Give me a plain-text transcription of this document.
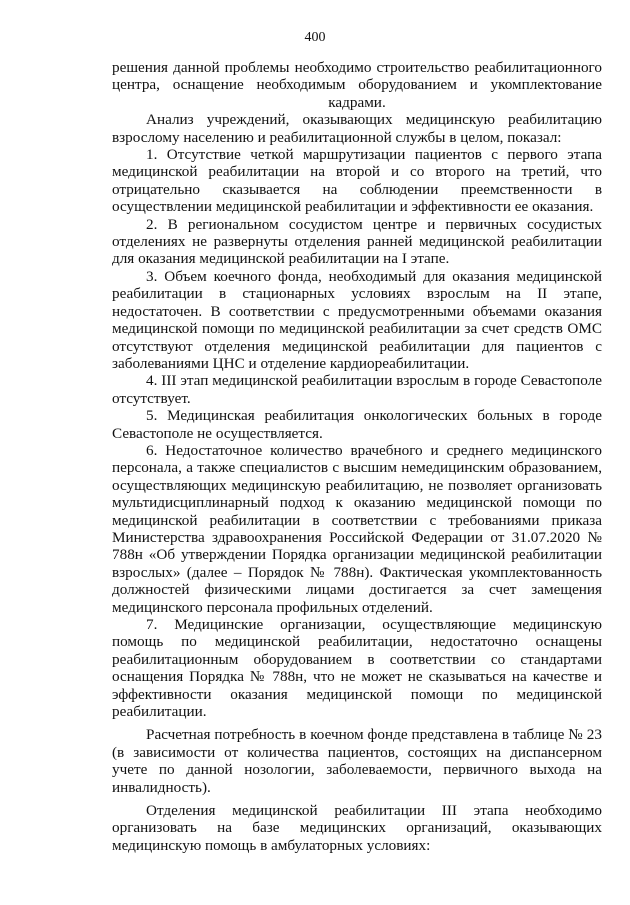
400

решения данной проблемы необходимо строительство реабилитационного центра, оснащение необходимым оборудованием и укомплектование кадрами.

Анализ учреждений, оказывающих медицинскую реабилитацию взрослому населению и реабилитационной службы в целом, показал:

1. Отсутствие четкой маршрутизации пациентов с первого этапа медицинской реабилитации на второй и со второго на третий, что отрицательно сказывается на соблюдении преемственности в осуществлении медицинской реабилитации и эффективности ее оказания.

2. В региональном сосудистом центре и первичных сосудистых отделениях не развернуты отделения ранней медицинской реабилитации для оказания медицинской реабилитации на I этапе.

3. Объем коечного фонда, необходимый для оказания медицинской реабилитации в стационарных условиях взрослым на II этапе, недостаточен. В соответствии с предусмотренными объемами оказания медицинской помощи по медицинской реабилитации за счет средств ОМС отсутствуют отделения медицинской реабилитации для пациентов с заболеваниями ЦНС и отделение кардиореабилитации.

4. III этап медицинской реабилитации взрослым в городе Севастополе отсутствует.

5. Медицинская реабилитация онкологических больных в городе Севастополе не осуществляется.

6. Недостаточное количество врачебного и среднего медицинского персонала, а также специалистов с высшим немедицинским образованием, осуществляющих медицинскую реабилитацию, не позволяет организовать мультидисциплинарный подход к оказанию медицинской помощи по медицинской реабилитации в соответствии с требованиями приказа Министерства здравоохранения Российской Федерации от 31.07.2020 № 788н «Об утверждении Порядка организации медицинской реабилитации взрослых» (далее – Порядок № 788н). Фактическая укомплектованность должностей физическими лицами достигается за счет замещения медицинского персонала профильных отделений.

7. Медицинские организации, осуществляющие медицинскую помощь по медицинской реабилитации, недостаточно оснащены реабилитационным оборудованием в соответствии со стандартами оснащения Порядка № 788н, что не может не сказываться на качестве и эффективности оказания медицинской помощи по медицинской реабилитации.

Расчетная потребность в коечном фонде представлена в таблице № 23 (в зависимости от количества пациентов, состоящих на диспансерном учете по данной нозологии, заболеваемости, первичного выхода на инвалидность).

Отделения медицинской реабилитации III этапа необходимо организовать на базе медицинских организаций, оказывающих медицинскую помощь в амбулаторных условиях:
